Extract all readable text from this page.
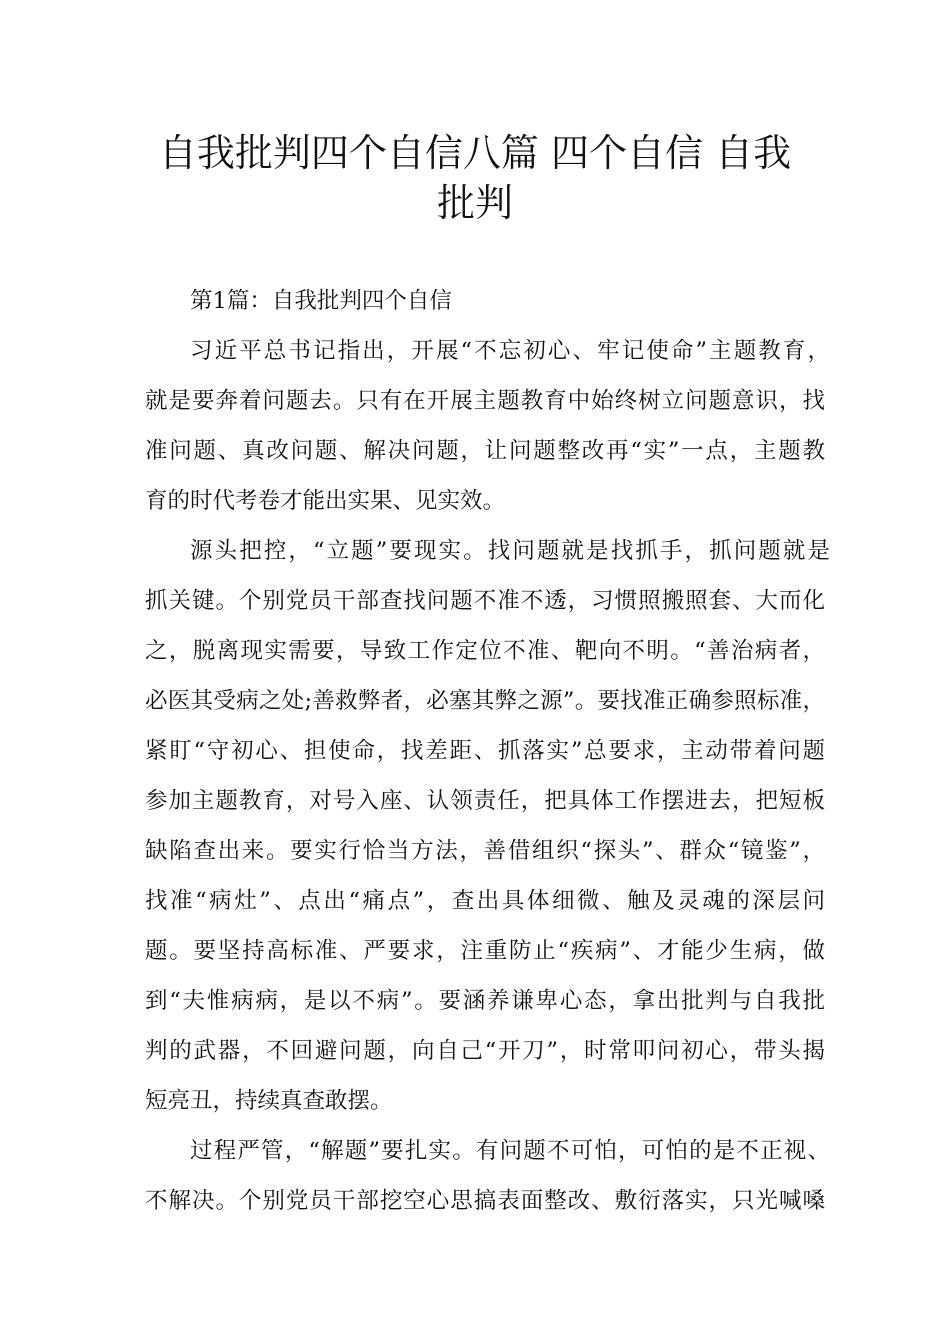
自我批判四个自信八篇 四个自信 自我
批判
第1篇：自我批判四个自信
习近平总书记指出，开展“不忘初心、牢记使命”主题教育，
就是要奔着问题去。只有在开展主题教育中始终树立问题意识，找
准问题、真改问题、解决问题，让问题整改再“实”一点，主题教
育的时代考卷才能出实果、见实效。
源头把控，“立题”要现实。找问题就是找抓手，抓问题就是
抓关键。个别党员干部查找问题不准不透，习惯照搬照套、大而化
之，脱离现实需要，导致工作定位不准、靶向不明。“善治病者，
必医其受病之处;善救弊者，必塞其弊之源”。要找准正确参照标准，
紧盯“守初心、担使命，找差距、抓落实”总要求，主动带着问题
参加主题教育，对号入座、认领责任，把具体工作摆进去，把短板
缺陷查出来。要实行恰当方法，善借组织“探头”、群众“镜鉴”，
找准“病灶”、点出“痛点”，查出具体细微、触及灵魂的深层问
题。要坚持高标准、严要求，注重防止“疾病”、才能少生病，做
到“夫惟病病，是以不病”。要涵养谦卑心态，拿出批判与自我批
判的武器，不回避问题，向自己“开刀”，时常叩问初心，带头揭
短亮丑，持续真查敢摆。
过程严管，“解题”要扎实。有问题不可怕，可怕的是不正视、
不解决。个别党员干部挖空心思搞表面整改、敷衍落实，只光喊嗓
